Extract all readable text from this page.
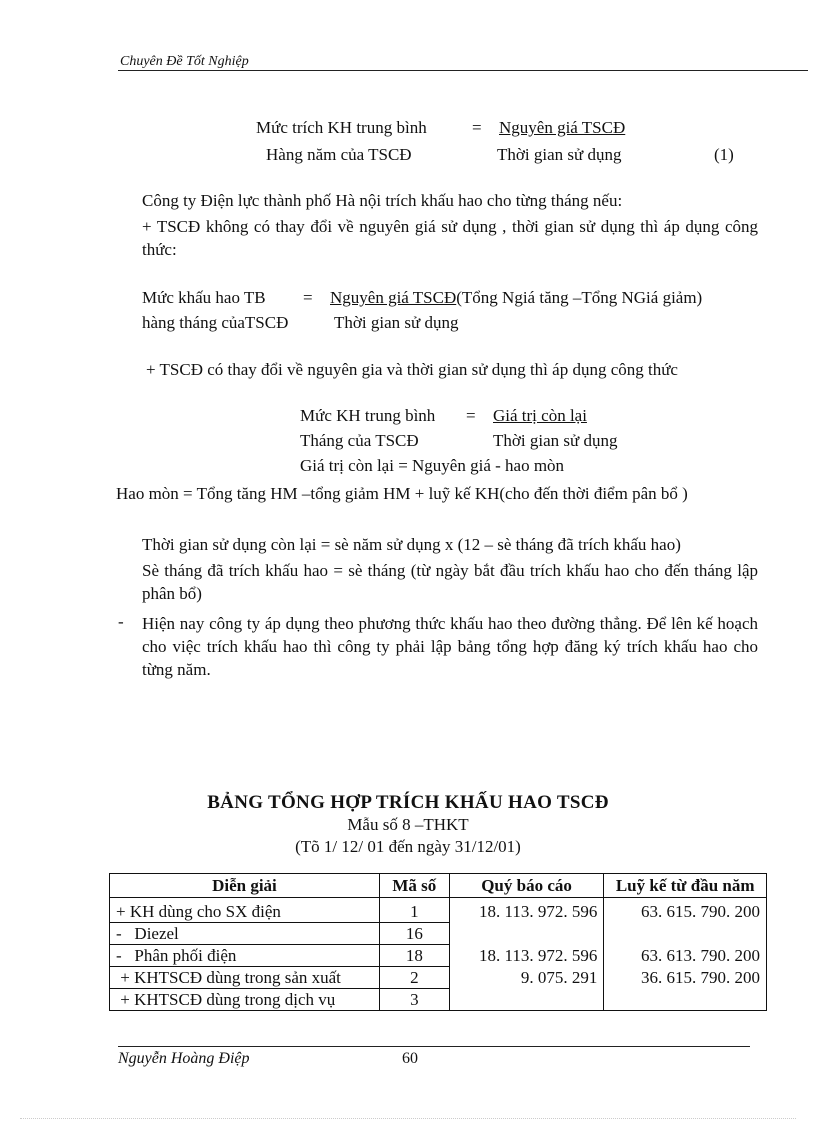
Chuyên Đề Tốt Nghiệp
Mức trích KH trung bình	= Nguyên giá TSCĐ
Hàng năm của TSCĐ	Thời gian sử dụng	(1)
Công ty Điện lực thành phố Hà nội trích khấu hao cho từng tháng nếu:
+ TSCĐ không có thay đổi về nguyên giá sử dụng , thời gian sử dụng thì áp dụng công thức:
Mức khấu hao TB = Nguyên giá TSCĐ(Tổng Ngiá tăng –Tổng NGiá giảm)
hàng tháng củaTSCĐ	Thời gian sử dụng
+ TSCĐ có thay đổi về nguyên gia và thời gian sử dụng thì áp dụng công thức
Mức KH trung bình = Giá trị còn lại
Tháng của TSCĐ	Thời gian sử dụng
Giá trị còn lại = Nguyên giá - hao mòn
Hao mòn = Tổng tăng HM –tổng giảm HM + luỹ kế KH(cho đến thời điểm pân bổ )
Thời gian sử dụng còn lại = sè năm sử dụng x (12 – sè tháng đã trích khấu hao)
Sè tháng đã trích khấu hao = sè tháng (từ ngày bắt đầu trích khấu hao cho đến tháng lập phân bổ)
- Hiện nay công ty áp dụng theo phương thức khấu hao theo đường thẳng. Để lên kế hoạch cho việc trích khấu hao thì công ty phải lập bảng tổng hợp đăng ký trích khấu hao cho từng năm.
BẢNG TỔNG HỢP TRÍCH KHẤU HAO TSCĐ
Mẫu số 8 –THKT
(Tõ 1/ 12/ 01 đến ngày 31/12/01)
Diễn giải	Mã số	Quý báo cáo	Luỹ kế từ đầu năm
+ KH dùng cho SX điện	1	18. 113. 972. 596	63. 615. 790. 200
-   Diezel	16		
-   Phân phối điện	18	18. 113. 972. 596	63. 613. 790. 200
+ KHTSCĐ dùng trong sản xuất	2	9. 075. 291	36. 615. 790. 200
+ KHTSCĐ dùng trong dịch vụ	3		
Nguyễn Hoàng Điệp	60
